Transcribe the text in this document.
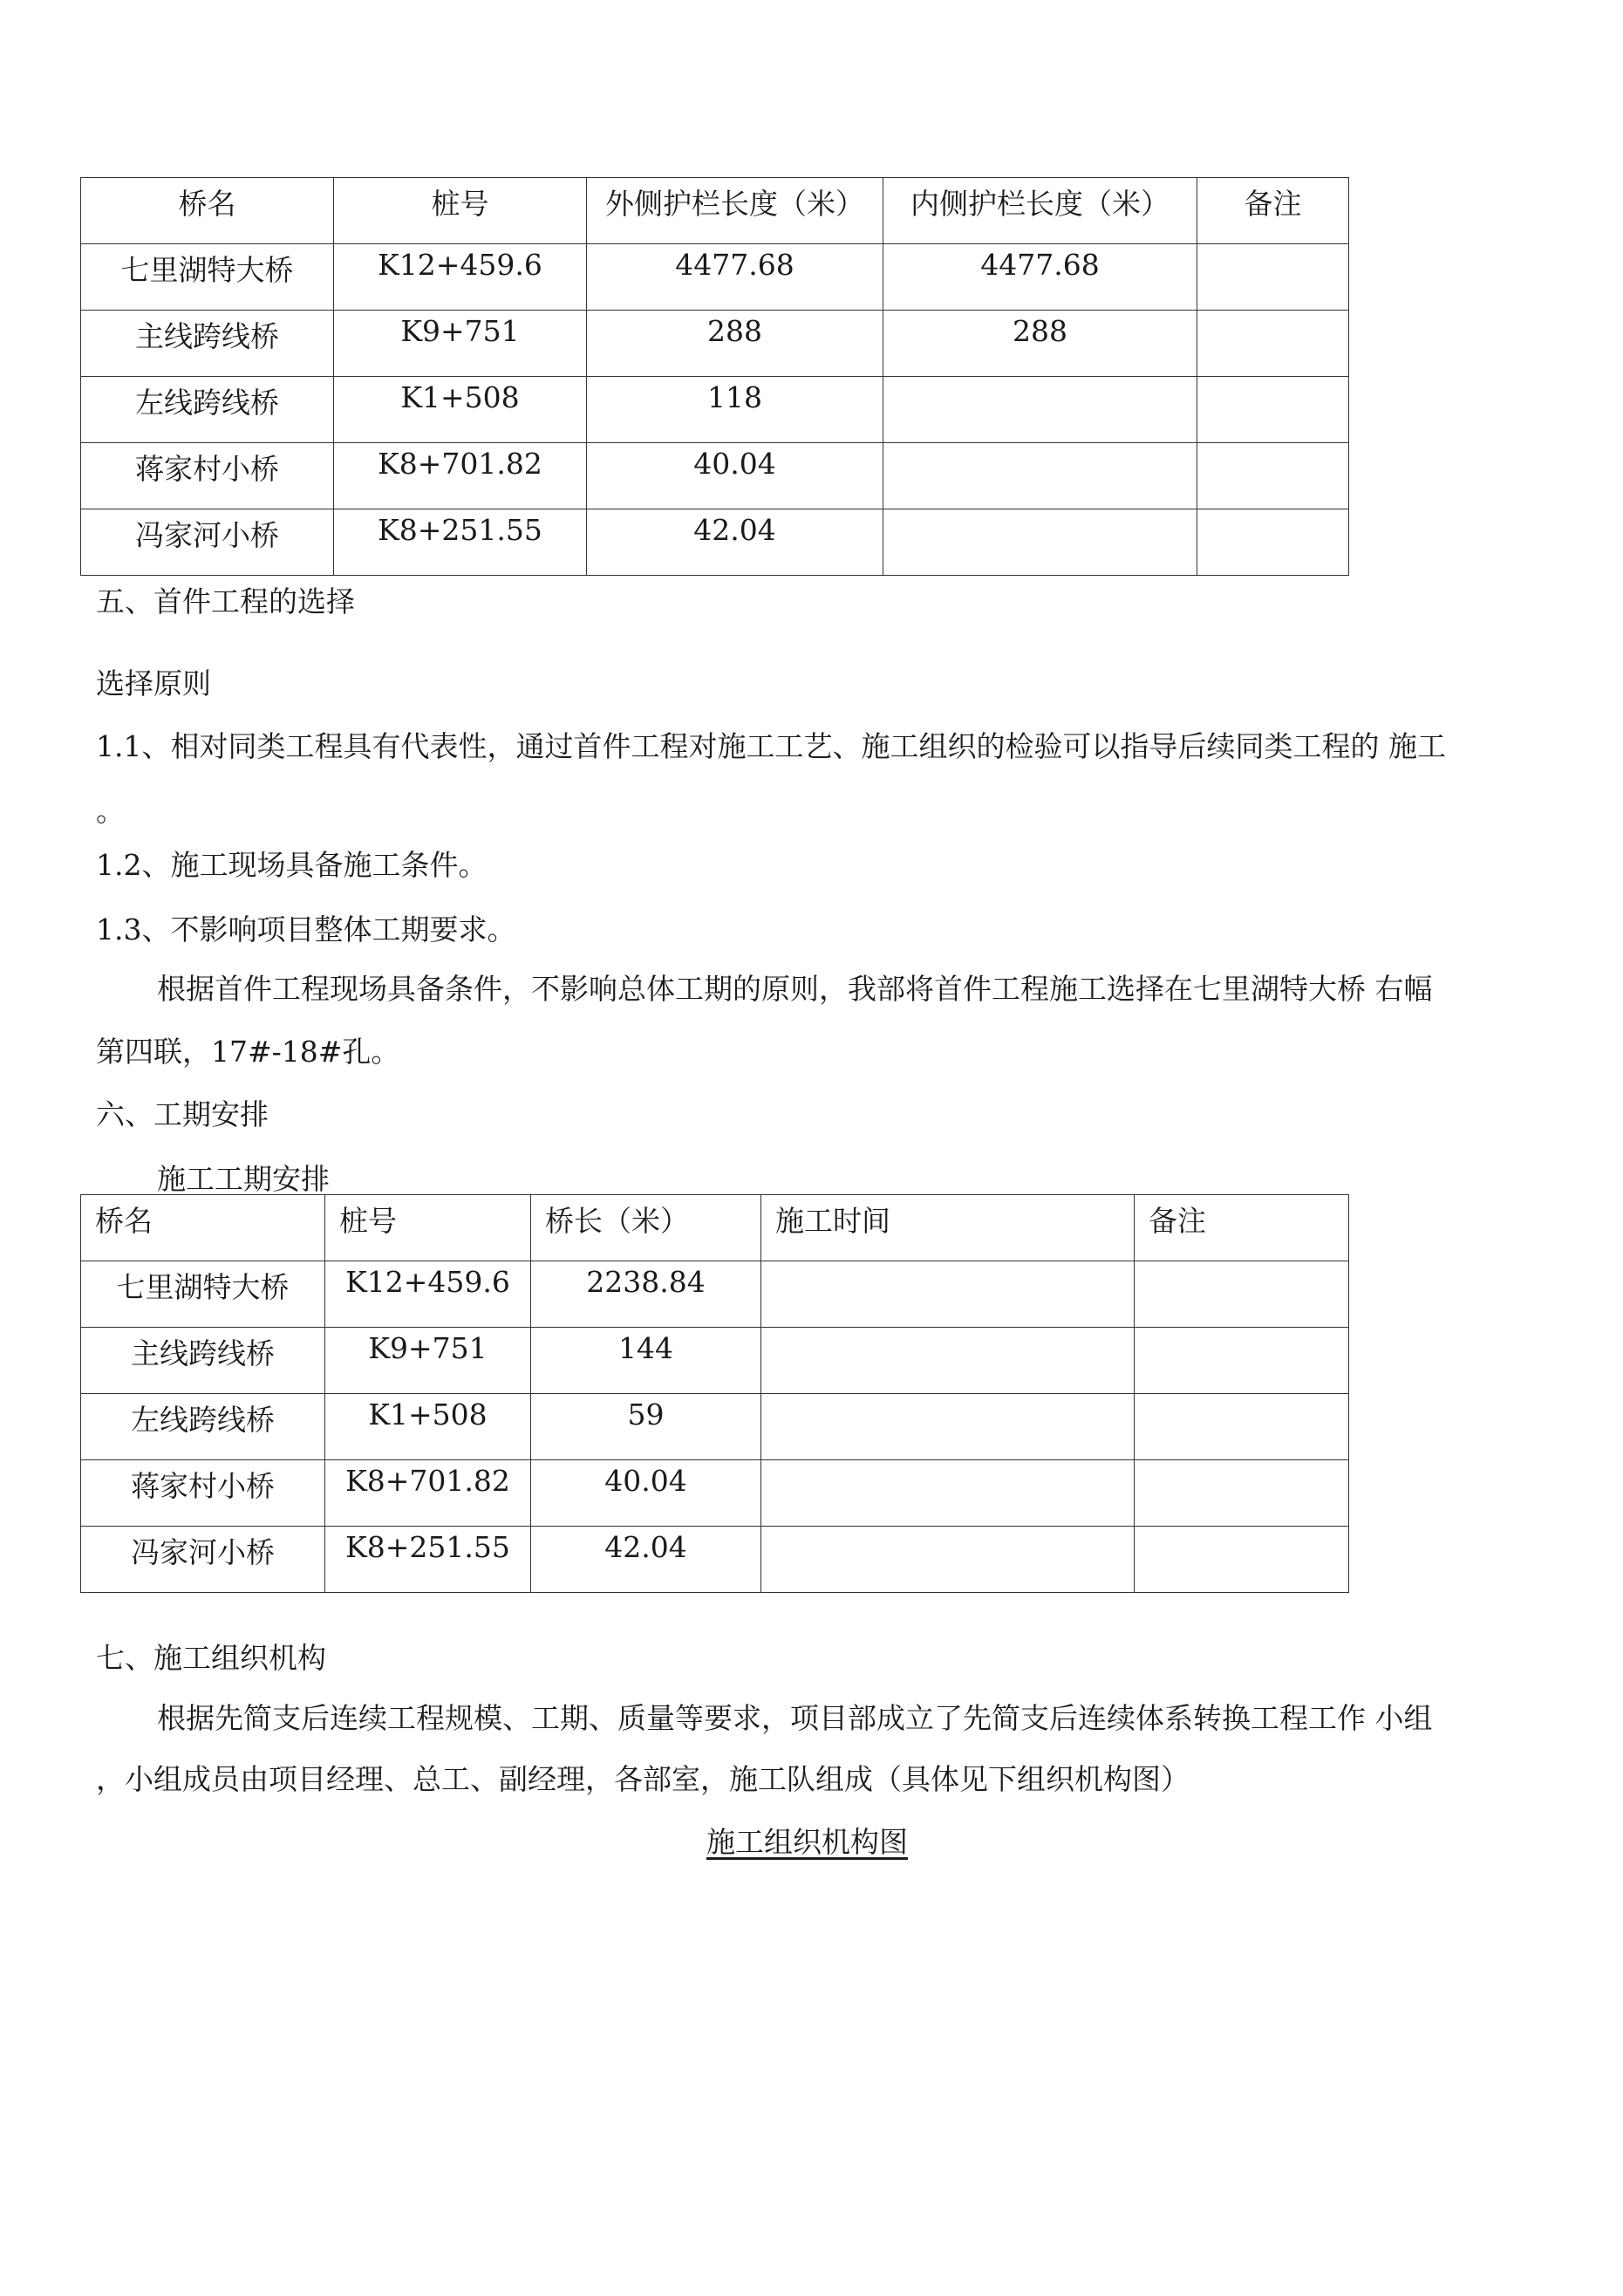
桥名	桩号	外侧护栏长度（米）	内侧护栏长度（米）	备注
七里湖特大桥	K12+459.6	4477.68	4477.68	
主线跨线桥	K9+751	288	288	
左线跨线桥	K1+508	118		
蒋家村小桥	K8+701.82	40.04		
冯家河小桥	K8+251.55	42.04		
五、首件工程的选择
选择原则
1.1、相对同类工程具有代表性，通过首件工程对施工工艺、施工组织的检验可以指导后续同类工程的 施工
。
1.2、施工现场具备施工条件。
1.3、不影响项目整体工期要求。
根据首件工程现场具备条件，不影响总体工期的原则，我部将首件工程施工选择在七里湖特大桥 右幅
第四联，17#-18#孔。
六、工期安排
施工工期安排
桥名	桩号	桥长（米）	施工时间	备注
七里湖特大桥	K12+459.6	2238.84		
主线跨线桥	K9+751	144		
左线跨线桥	K1+508	59		
蒋家村小桥	K8+701.82	40.04		
冯家河小桥	K8+251.55	42.04		
七、施工组织机构
根据先简支后连续工程规模、工期、质量等要求，项目部成立了先简支后连续体系转换工程工作 小组
，小组成员由项目经理、总工、副经理，各部室，施工队组成（具体见下组织机构图）
施工组织机构图
